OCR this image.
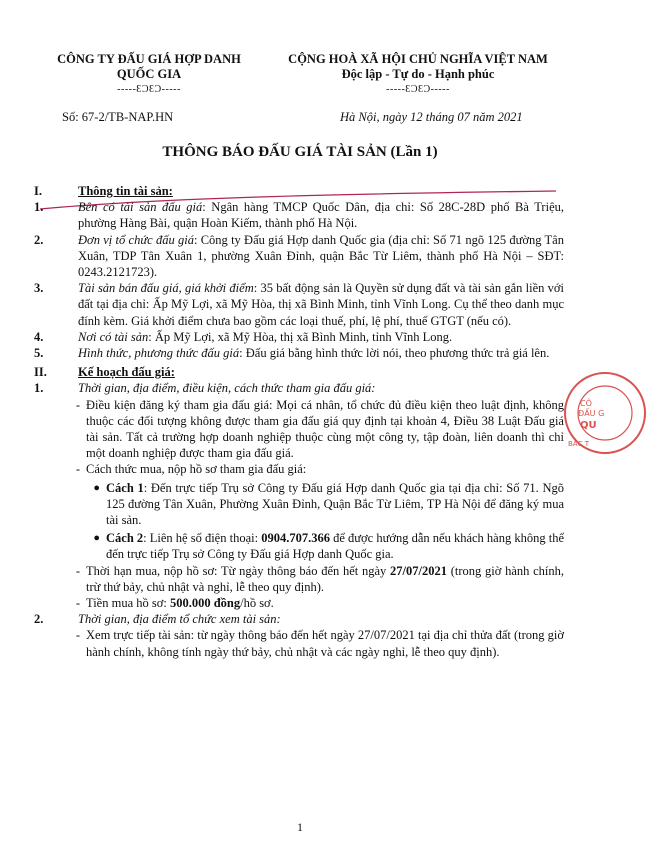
CÔNG TY ĐẤU GIÁ HỢP DANH
QUỐC GIA
-----ƐƆƐƆ-----
CỘNG HOÀ XÃ HỘI CHỦ NGHĨA VIỆT NAM
Độc lập - Tự do - Hạnh phúc
-----ƐƆƐƆ-----
Số: 67-2/TB-NAP.HN	Hà Nội, ngày 12 tháng 07 năm 2021
THÔNG BÁO ĐẤU GIÁ TÀI SẢN (Lần 1)
I.	Thông tin tài sản:
1.	Bên có tài sản đấu giá: Ngân hàng TMCP Quốc Dân, địa chỉ: Số 28C-28D phố Bà Triệu, phường Hàng Bài, quận Hoàn Kiếm, thành phố Hà Nội.
2.	Đơn vị tổ chức đấu giá: Công ty Đấu giá Hợp danh Quốc gia (địa chỉ: Số 71 ngõ 125 đường Tân Xuân, TDP Tân Xuân 1, phường Xuân Đỉnh, quận Bắc Từ Liêm, thành phố Hà Nội – SĐT: 0243.2121723).
3.	Tài sản bán đấu giá, giá khởi điểm: 35 bất động sản là Quyền sử dụng đất và tài sản gắn liền với đất tại địa chỉ: Ấp Mỹ Lợi, xã Mỹ Hòa, thị xã Bình Minh, tỉnh Vĩnh Long. Cụ thể theo danh mục đính kèm. Giá khởi điểm chưa bao gồm các loại thuế, phí, lệ phí, thuế GTGT (nếu có).
4.	Nơi có tài sản: Ấp Mỹ Lợi, xã Mỹ Hòa, thị xã Bình Minh, tỉnh Vĩnh Long.
5.	Hình thức, phương thức đấu giá: Đấu giá bằng hình thức lời nói, theo phương thức trả giá lên.
II.	Kế hoạch đấu giá:
1.	Thời gian, địa điểm, điều kiện, cách thức tham gia đấu giá:
- Điều kiện đăng ký tham gia đấu giá: Mọi cá nhân, tổ chức đủ điều kiện theo luật định, không thuộc các đối tượng không được tham gia đấu giá quy định tại khoản 4, Điều 38 Luật Đấu giá tài sản. Tất cả trường hợp doanh nghiệp thuộc cùng một công ty, tập đoàn, liên doanh thì chỉ một doanh nghiệp được tham gia đấu giá.
- Cách thức mua, nộp hồ sơ tham gia đấu giá:
● Cách 1: Đến trực tiếp Trụ sở Công ty Đấu giá Hợp danh Quốc gia tại địa chỉ: Số 71. Ngõ 125 đường Tân Xuân, Phường Xuân Đỉnh, Quận Bắc Từ Liêm, TP Hà Nội để đăng ký mua tài sản.
● Cách 2: Liên hệ số điện thoại: 0904.707.366 để được hướng dẫn nếu khách hàng không thể đến trực tiếp Trụ sở Công ty Đấu giá Hợp danh Quốc gia.
- Thời hạn mua, nộp hồ sơ: Từ ngày thông báo đến hết ngày 27/07/2021 (trong giờ hành chính, trừ thứ bảy, chủ nhật và nghỉ, lễ theo quy định).
- Tiền mua hồ sơ: 500.000 đồng/hồ sơ.
2.	Thời gian, địa điểm tổ chức xem tài sản:
- Xem trực tiếp tài sản: từ ngày thông báo đến hết ngày 27/07/2021 tại địa chỉ thửa đất (trong giờ hành chính, không tính ngày thứ bảy, chủ nhật và các ngày nghỉ, lễ theo quy định).
CÔ
ĐẤU G
QU
BẮC T
1
